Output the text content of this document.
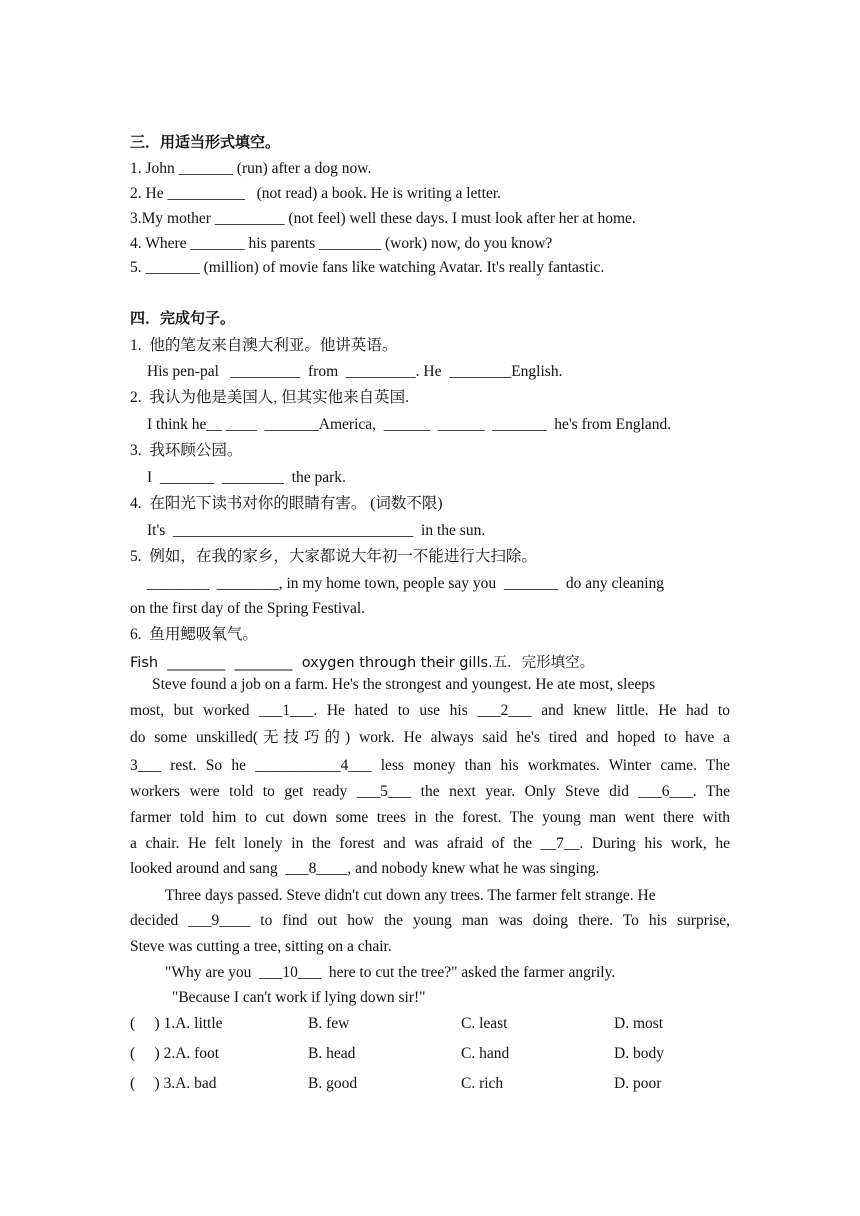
三．用适当形式填空。
1. John _______ (run) after a dog now.
2. He __________   (not read) a book. He is writing a letter.
3.My mother _________ (not feel) well these days. I must look after her at home.
4. Where _______ his parents ________ (work) now, do you know?
5. _______ (million) of movie fans like watching Avatar. It's really fantastic.
四．完成句子。
1.  他的笔友来自澳大利亚。他讲英语。
His pen-pal   _________  from  _________. He  ________English.
2.  我认为他是美国人, 但其实他来自英国.
I think he__ ____  _______America,  ______  ______  _______  he's from England.
3.  我环顾公园。
I  _______  ________  the park.
4.  在阳光下读书对你的眼睛有害。 (词数不限)
It's  _______________________________  in the sun.
5.  例如，在我的家乡，大家都说大年初一不能进行大扫除。
________  ________, in my home town, people say you  _______  do any cleaning
on the first day of the Spring Festival.
6.  鱼用鳃吸氧气。
Fish  ________  ________  oxygen through their gills.五．完形填空。
Steve found a job on a farm. He's the strongest and youngest. He ate most, sleeps
most, but worked ___1___. He hated to use his ___2___ and knew little. He had to
do some unskilled(无技巧的) work. He always said he's tired and hoped to have a
3___ rest. So he ___________4___ less money than his workmates. Winter came. The
workers were told to get ready ___5___ the next year. Only Steve did ___6___. The
farmer told him to cut down some trees in the forest. The young man went there with
a chair. He felt lonely in the forest and was afraid of the __7__. During his work, he
looked around and sang  ___8____, and nobody knew what he was singing.
Three days passed. Steve didn't cut down any trees. The farmer felt strange. He
decided ___9____ to find out how the young man was doing there. To his surprise,
Steve was cutting a tree, sitting on a chair.
"Why are you  ___10___  here to cut the tree?" asked the farmer angrily.
"Because I can't work if lying down sir!"
(     ) 1.A. little	B. few	C. least	D. most
(     ) 2.A. foot	B. head	C. hand	D. body
(     ) 3.A. bad	B. good	C. rich	D. poor
